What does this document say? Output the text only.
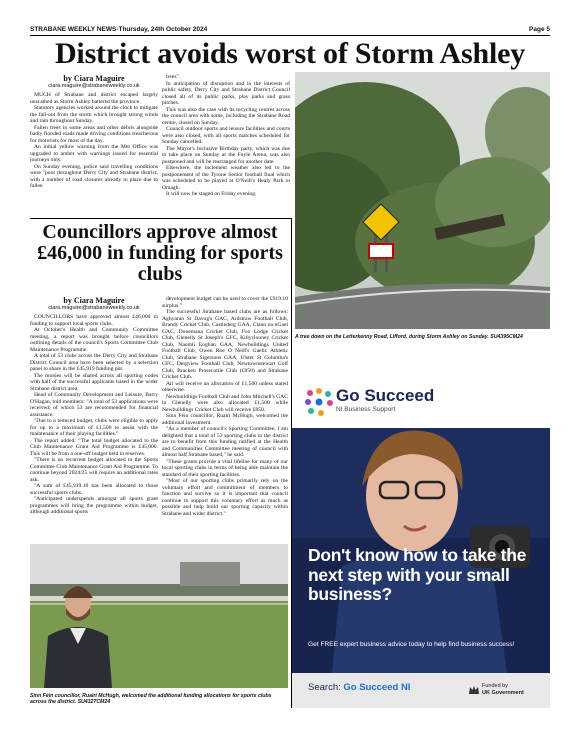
STRABANE WEEKLY NEWS-Thursday, 24th October 2024	Page 5
District avoids worst of Storm Ashley
by Ciara Maguire
ciara.maguire@strabaneweekly.co.uk

MUCH of Strabane and district escaped largely unscathed as Storm Ashley battered the province.

Statutory agencies worked around the clock to mitigate the fall-out from the storm which brought strong winds and rain throughout Sunday.

Fallen trees in some areas and other debris alongside badly flooded roads made driving conditions treacherous for motorists for most of the day.

An initial yellow warning from the Met Office was upgraded to amber with warnings issued for essential journeys only.

On Sunday evening, police said travelling conditions were "poor throughout Derry City and Strabane district, with a number of road closures already in place due to fallen

trees".

In anticipation of disruption and in the interests of public safety, Derry City and Strabane District Council closed all of its public parks, play parks and grass pitches.

This was also the case with its recycling centres across the council area with some, including the Strabane Road centre, closed on Sunday.

Council outdoor sports and leisure facilities and courts were also closed, with all sports matches scheduled for Sunday cancelled.

The Mayor's Inclusive Birthday party, which was due to take place on Sunday at the Foyle Arena, was also postponed and will be rearranged for another date.

Elsewhere, the inclement weather also led to the postponement of the Tyrone Senior football final which was scheduled to be played at O'Neill's Healy Park in Omagh.

It will now be staged on Friday evening.

A tree down on the Letterkenny Road, Lifford, during Storm Ashley on Sunday. SU4395CM24
Councillors approve almost £46,000 in funding for sports clubs
by Ciara Maguire
ciara.maguire@strabaneweekly.co.uk

COUNCILLORS have approved almost £46,000 in funding to support local sports clubs.

At October's Health and Community Committee meeting, a report was brought before councillors outlining details of the council's Sports Committee Club Maintenance Programme.

A total of 53 clubs across the Derry City and Strabane District Council area have been selected by a selection panel to share in the £45,919 funding pot.

The monies will be shared across all sporting codes with half of the successful applicants based in the wider Strabane district area.

Head of Community Development and Leisure, Barry O'Hagan, told members: "A total of 53 applications were received, of which 53 are recommended for financial assistance.

"Due to a reduced budget, clubs were eligible to apply for up to a maximum of £1,500 to assist with the maintenance of their playing facilities."

The report added: "The total budget allocated to the Club Maintenance Grant Aid Programme is £45,000. This will be from a one-off budget held in reserves.

"There is no recurrent budget allocated to the Sports Committee Club Maintenance Grant Aid Programme. To continue beyond 2024/25 will require an additional rates ask.

"A sum of £45,919.10 has been allocated to those successful sports clubs.

"Anticipated underspends amongst all sports grant programmes will bring the programme within budget, although additional sports

development budget can be used to cover the £919.10 surplus."

The successful Strabane based clubs are as follows: Aghyaran St Davog's GAC, Ardstraw Football Club, Brandy Cricket Club, Castlederg GAA, Clann na nGael GAC, Donemana Cricket Club, Fox Lodge Cricket Club, Glenelly St Joseph's GFC, Killyclooney Cricket Club, Naomh Eoghan GAA, Newbuildings United Football Club, Owen Roe O Neill's Gaelic Athletic Club, Strabane Sigersons GAA, Ulster St Columba's GFC, Dergview Football Club, Newtownstewart Golf Club, Bracken Prosecutile Club (£850) and Strabane Cricket Club.

All will receive an allocation of £1,500 unless stated otherwise.

Newbuildings Football Club and John Mitchell's GAC in Glenelly were also allocated £1,500 while Newbuildings Cricket Club will receive £850.

Sinn Féin councillor, Ruairí McHugh, welcomed the additional investment.

"As a member of council's Sporting Committee, I am delighted that a total of 53 sporting clubs in the district are to benefit from this funding ratified at the Health and Communities Committee meeting of council with almost half Strabane based," he said.

"These grants provide a vital lifeline for many of our local sporting clubs in terms of being able maintain the standard of their sporting facilities.

"Most of our sporting clubs primarily rely on the voluntary effort and commitment of members to function and survive so it is important that council continue to support this voluntary effort as much as possible and help build our sporting capacity within Strabane and wider district."

Sinn Féin councillor, Ruairí McHugh, welcomed the additional funding allocations for sports clubs across the district. SU4327CM24
Go Succeed
NI Business Support
Don't know how to take the next step with your small business?
Get FREE expert business advice today to help find business success!
Search: Go Succeed NI	Funded by
UK Government
